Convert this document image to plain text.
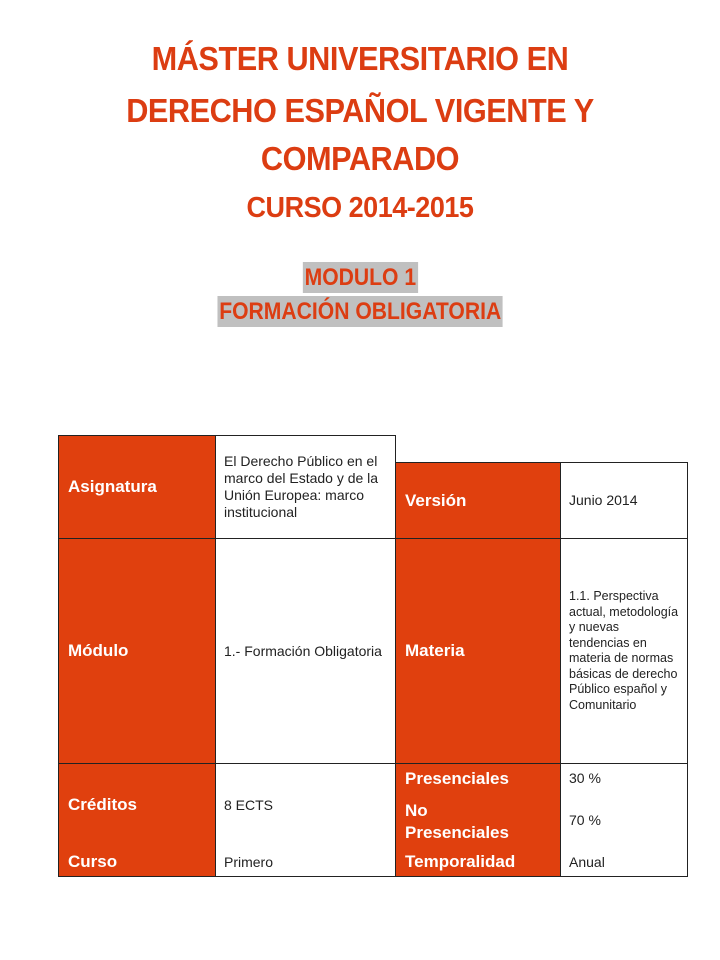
MÁSTER UNIVERSITARIO EN
DERECHO ESPAÑOL VIGENTE Y
COMPARADO
CURSO 2014-2015
MODULO 1
FORMACIÓN OBLIGATORIA
Asignatura
El Derecho Público en el marco del Estado y de la Unión Europea: marco institucional
Versión	Junio 2014
Módulo	1.- Formación Obligatoria Materia
1.1. Perspectiva actual, metodología y nuevas tendencias en materia de normas básicas de derecho Público español y Comunitario
Créditos
Curso
8 ECTS
Primero
Presenciales
No Presenciales
Temporalidad
30 %
70 %
Anual
